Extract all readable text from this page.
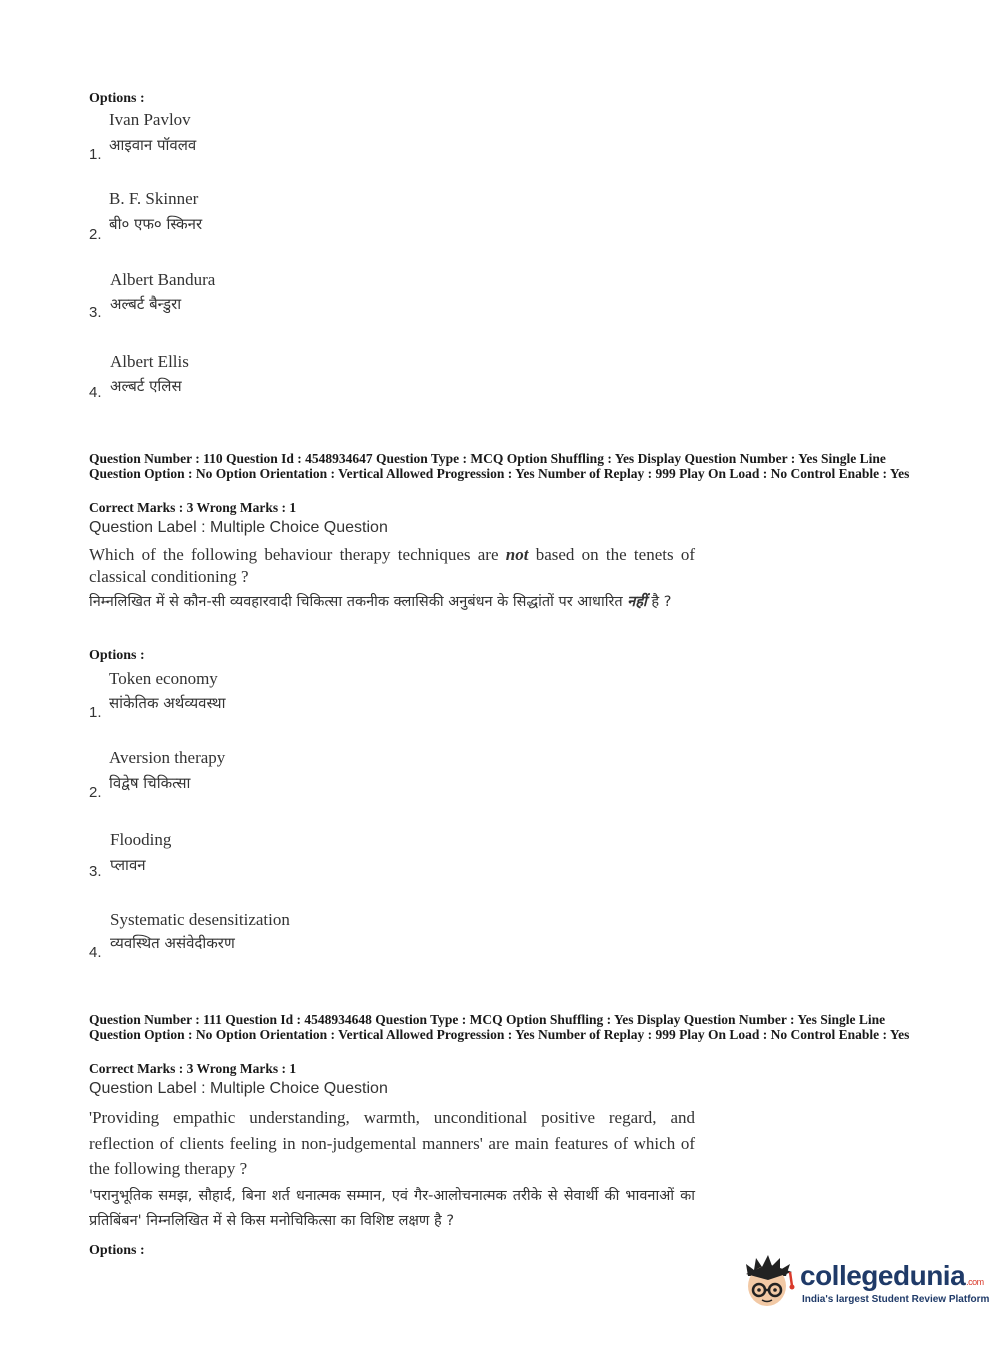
Options :
Ivan Pavlov
आइवान पॉवलव
1.
B. F. Skinner
बी० एफ० स्किनर
2.
Albert Bandura
अल्बर्ट बैन्डुरा
3.
Albert Ellis
अल्बर्ट एलिस
4.
Question Number : 110 Question Id : 4548934647 Question Type : MCQ Option Shuffling : Yes Display Question Number : Yes Single Line Question Option : No Option Orientation : Vertical Allowed Progression : Yes Number of Replay : 999 Play On Load : No Control Enable : Yes
Correct Marks : 3 Wrong Marks : 1
Question Label : Multiple Choice Question
Which of the following behaviour therapy techniques are not based on the tenets of classical conditioning ?
निम्नलिखित में से कौन-सी व्यवहारवादी चिकित्सा तकनीक क्लासिकी अनुबंधन के सिद्धांतों पर आधारित नहीं है ?
Options :
Token economy
सांकेतिक अर्थव्यवस्था
1.
Aversion therapy
विद्वेष चिकित्सा
2.
Flooding
प्लावन
3.
Systematic desensitization
व्यवस्थित असंवेदीकरण
4.
Question Number : 111 Question Id : 4548934648 Question Type : MCQ Option Shuffling : Yes Display Question Number : Yes Single Line Question Option : No Option Orientation : Vertical Allowed Progression : Yes Number of Replay : 999 Play On Load : No Control Enable : Yes
Correct Marks : 3 Wrong Marks : 1
Question Label : Multiple Choice Question
'Providing empathic understanding, warmth, unconditional positive regard, and reflection of clients feeling in non-judgemental manners' are main features of which of the following therapy ?
'परानुभूतिक समझ, सौहार्द, बिना शर्त धनात्मक सम्मान, एवं गैर-आलोचनात्मक तरीके से सेवार्थी की भावनाओं का प्रतिबिंबन' निम्नलिखित में से किस मनोचिकित्सा का विशिष्ट लक्षण है ?
Options :
collegedunia.com
India's largest Student Review Platform
